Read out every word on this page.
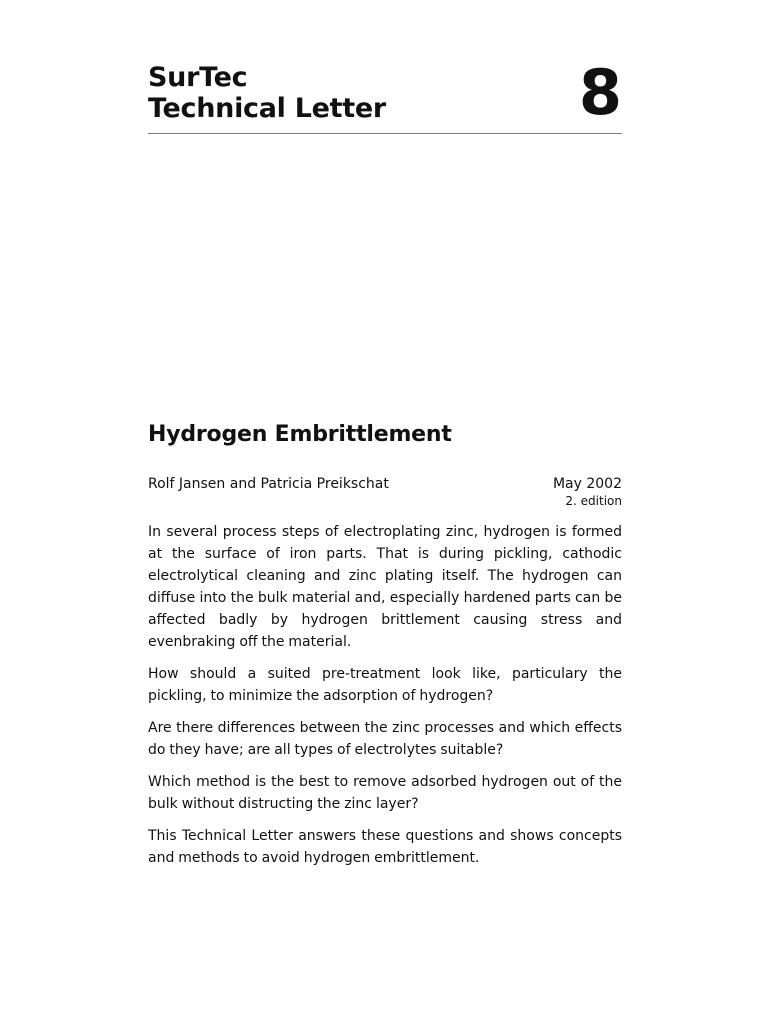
SurTec
Technical Letter	8
Hydrogen Embrittlement
Rolf Jansen and Patricia Preikschat	May 2002
2. edition

In several process steps of electroplating zinc, hydrogen is formed at the surface of iron parts. That is during pickling, cathodic electrolytical cleaning and zinc plating itself. The hydrogen can diffuse into the bulk material and, especially hardened parts can be affected badly by hydrogen brittlement causing stress and evenbraking off the material.

How should a suited pre-treatment look like, particulary the pickling, to minimize the adsorption of hydrogen?

Are there differences between the zinc processes and which effects do they have; are all types of electrolytes suitable?

Which method is the best to remove adsorbed hydrogen out of the bulk without distructing the zinc layer?

This Technical Letter answers these questions and shows concepts and methods to avoid hydrogen embrittlement.
